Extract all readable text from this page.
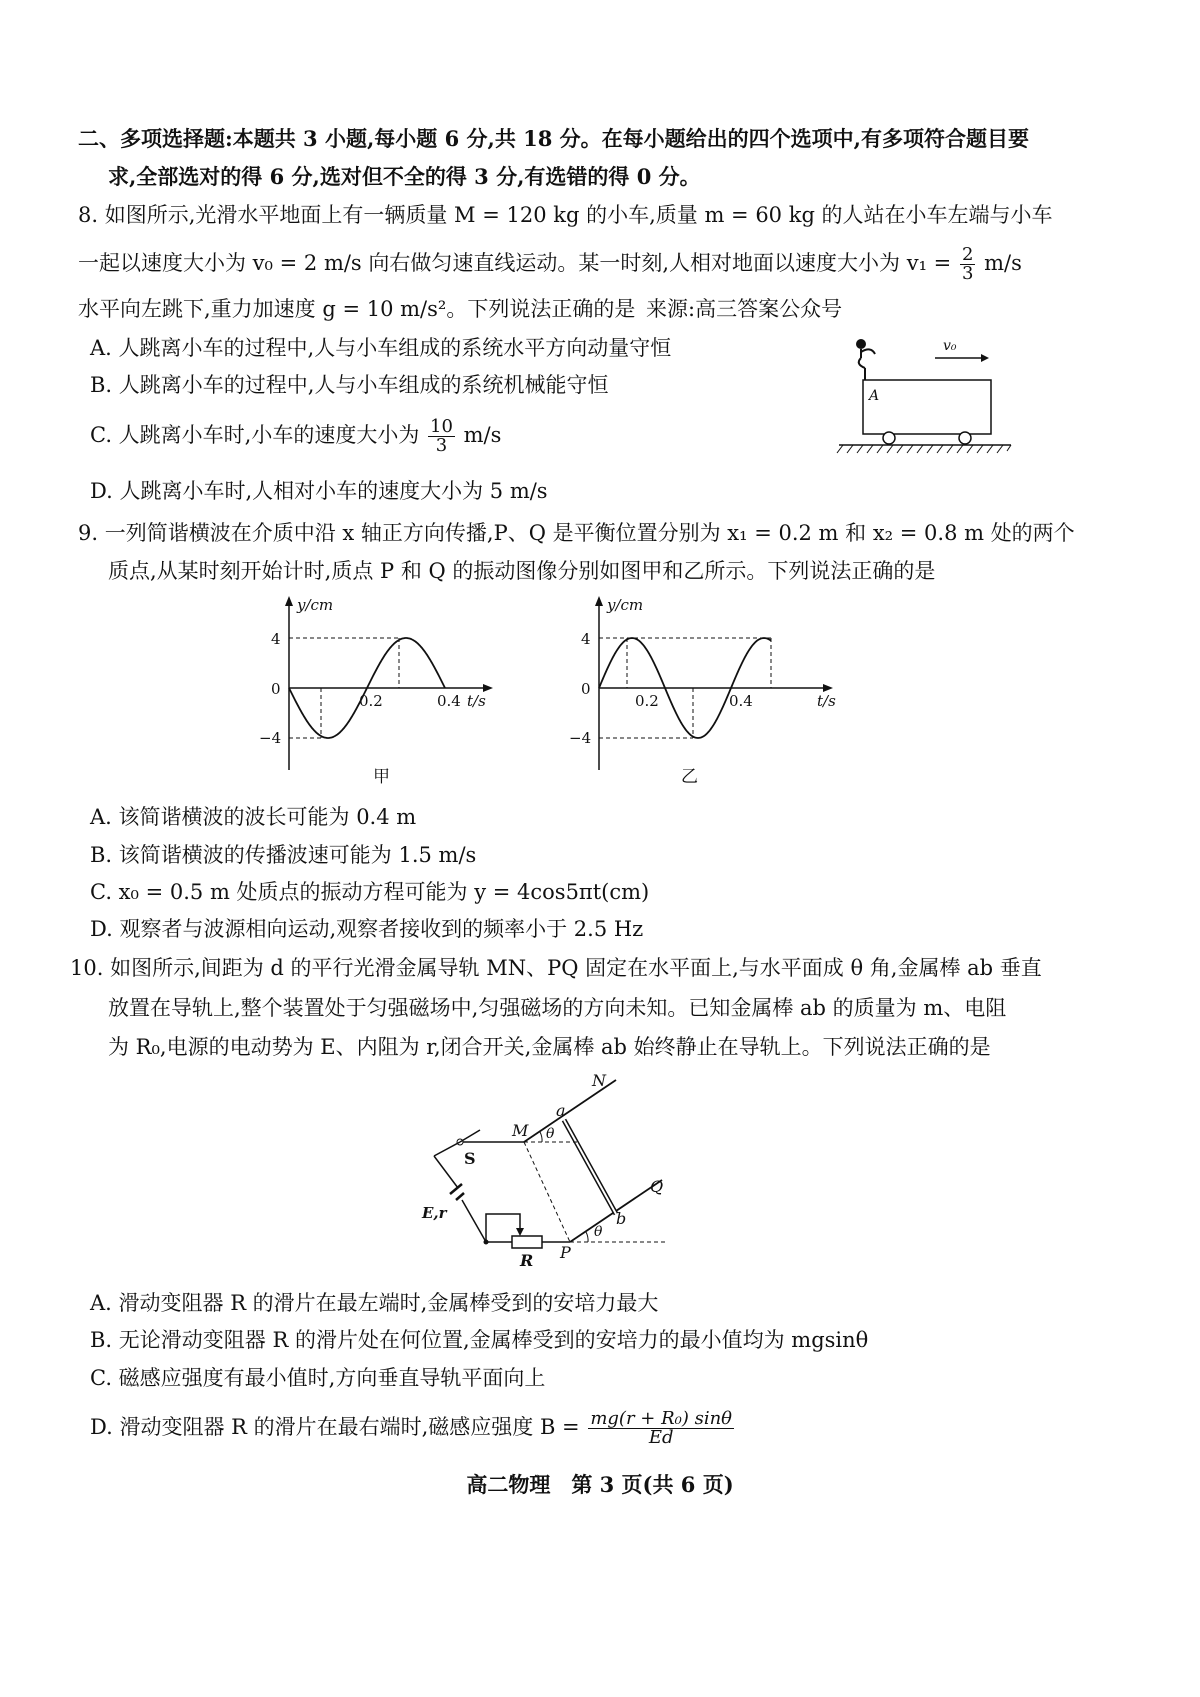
二、多项选择题:本题共 3 小题,每小题 6 分,共 18 分。在每小题给出的四个选项中,有多项符合题目要
求,全部选对的得 6 分,选对但不全的得 3 分,有选错的得 0 分。
8. 如图所示,光滑水平地面上有一辆质量 M = 120 kg 的小车,质量 m = 60 kg 的人站在小车左端与小车
一起以速度大小为 v₀ = 2 m/s 向右做匀速直线运动。某一时刻,人相对地面以速度大小为 $v_1 = \frac{2}{3} m/s$
水平向左跳下,重力加速度 g = 10 m/s²。下列说法正确的是 来源:高三答案公众号
A. 人跳离小车的过程中,人与小车组成的系统水平方向动量守恒
B. 人跳离小车的过程中,人与小车组成的系统机械能守恒
C. 人跳离小车时,小车的速度大小为 $\frac{10}{3} m/s$
D. 人跳离小车时,人相对小车的速度大小为 5 m/s
v₀
A
9. 一列简谐横波在介质中沿 x 轴正方向传播,P、Q 是平衡位置分别为 x₁ = 0.2 m 和 x₂ = 0.8 m 处的两个
质点,从某时刻开始计时,质点 P 和 Q 的振动图像分别如图甲和乙所示。下列说法正确的是
y/cm
t/s
4
0
−4
0.2	0.4
甲
y/cm
t/s
4
0
−4
0.2	0.4
乙
A. 该简谐横波的波长可能为 0.4 m
B. 该简谐横波的传播波速可能为 1.5 m/s
C. x₀ = 0.5 m 处质点的振动方程可能为 y = 4cos5πt(cm)
D. 观察者与波源相向运动,观察者接收到的频率小于 2.5 Hz
10. 如图所示,间距为 d 的平行光滑金属导轨 MN、PQ 固定在水平面上,与水平面成 θ 角,金属棒 ab 垂直
放置在导轨上,整个装置处于匀强磁场中,匀强磁场的方向未知。已知金属棒 ab 的质量为 m、电阻
为 R₀,电源的电动势为 E、内阻为 r,闭合开关,金属棒 ab 始终静止在导轨上。下列说法正确的是
N
a
M θ
S
Q
E,r	b
θ
P
R
A. 滑动变阻器 R 的滑片在最左端时,金属棒受到的安培力最大
B. 无论滑动变阻器 R 的滑片处在何位置,金属棒受到的安培力的最小值均为 mgsinθ
C. 磁感应强度有最小值时,方向垂直导轨平面向上
D. 滑动变阻器 R 的滑片在最右端时,磁感应强度 $B = \frac{\text{mg(r + R₀) sinθ}}{Ed}$
高二物理　第 3 页(共 6 页)
